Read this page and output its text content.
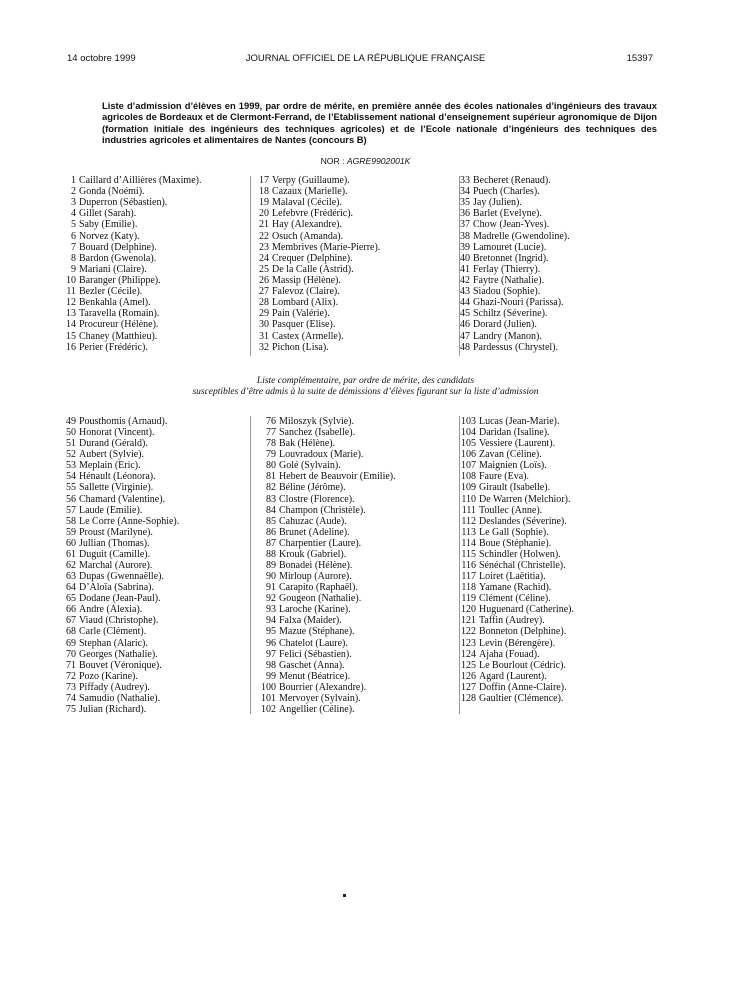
14 octobre 1999	JOURNAL OFFICIEL DE LA RÉPUBLIQUE FRANÇAISE	15397

Liste d’admission d’élèves en 1999, par ordre de mérite, en première année des écoles nationales d’ingénieurs des travaux agricoles de Bordeaux et de Clermont-Ferrand, de l’Etablissement national d’enseignement supérieur agronomique de Dijon (formation initiale des ingénieurs des techniques agricoles) et de l’Ecole nationale d’ingénieurs des techniques des industries agricoles et alimentaires de Nantes (concours B)

NOR : AGRE9902001K
1 Caillard d’Aillières (Maxime).
2 Gonda (Noémi).
3 Duperron (Sébastien).
4 Gillet (Sarah).
5 Saby (Emilie).
6 Norvez (Katy).
7 Bouard (Delphine).
8 Bardon (Gwenola).
9 Mariani (Claire).
10 Baranger (Philippe).
11 Bezler (Cécile).
12 Benkahla (Amel).
13 Taravella (Romain).
14 Procureur (Hélène).
15 Chaney (Matthieu).
16 Perier (Frédéric).
17 Verpy (Guillaume).
18 Cazaux (Marielle).
19 Malaval (Cécile).
20 Lefebvre (Frédéric).
21 Hay (Alexandre).
22 Osuch (Amanda).
23 Membrives (Marie-Pierre).
24 Crequer (Delphine).
25 De la Calle (Astrid).
26 Massip (Hélène).
27 Falevoz (Claire).
28 Lombard (Alix).
29 Pain (Valérie).
30 Pasquer (Elise).
31 Castex (Armelle).
32 Pichon (Lisa).
33 Becheret (Renaud).
34 Puech (Charles).
35 Jay (Julien).
36 Barlet (Evelyne).
37 Chow (Jean-Yves).
38 Madrelle (Gwendoline).
39 Lamouret (Lucie).
40 Bretonnet (Ingrid).
41 Ferlay (Thierry).
42 Faytre (Nathalie).
43 Siadou (Sophie).
44 Ghazi-Nouri (Parissa).
45 Schiltz (Séverine).
46 Dorard (Julien).
47 Landry (Manon).
48 Pardessus (Chrystel).
Liste complémentaire, par ordre de mérite, des candidats
susceptibles d’être admis à la suite de démissions d’élèves figurant sur la liste d’admission
49 Pousthomis (Arnaud).
50 Honorat (Vincent).
51 Durand (Gérald).
52 Aubert (Sylvie).
53 Meplain (Eric).
54 Hénault (Léonora).
55 Sallette (Virginie).
56 Chamard (Valentine).
57 Laude (Emilie).
58 Le Corre (Anne-Sophie).
59 Proust (Marilyne).
60 Jullian (Thomas).
61 Duguit (Camille).
62 Marchal (Aurore).
63 Dupas (Gwennaëlle).
64 D’Aloïa (Sabrina).
65 Dodane (Jean-Paul).
66 Andre (Alexia).
67 Viaud (Christophe).
68 Carle (Clément).
69 Stephan (Alaric).
70 Georges (Nathalie).
71 Bouvet (Véronique).
72 Pozo (Karine).
73 Piffady (Audrey).
74 Samudio (Nathalie).
75 Julian (Richard).
76 Miloszyk (Sylvie).
77 Sanchez (Isabelle).
78 Bak (Hélène).
79 Louvradoux (Marie).
80 Golé (Sylvain).
81 Hebert de Beauvoir (Emilie).
82 Béline (Jérôme).
83 Clostre (Florence).
84 Champon (Christèle).
85 Cahuzac (Aude).
86 Brunet (Adeline).
87 Charpentier (Laure).
88 Krouk (Gabriel).
89 Bonadei (Hélène).
90 Mirloup (Aurore).
91 Carapito (Raphaël).
92 Gougeon (Nathalie).
93 Laroche (Karine).
94 Falxa (Maider).
95 Mazue (Stéphane).
96 Chatelot (Laure).
97 Felici (Sébastien).
98 Gaschet (Anna).
99 Menut (Béatrice).
100 Bourrier (Alexandre).
101 Mervoyer (Sylvain).
102 Angellier (Céline).
103 Lucas (Jean-Marie).
104 Daridan (Isaline).
105 Vessiere (Laurent).
106 Zavan (Céline).
107 Maignien (Loïs).
108 Faure (Eva).
109 Girault (Isabelle).
110 De Warren (Melchior).
111 Toullec (Anne).
112 Deslandes (Séverine).
113 Le Gall (Sophie).
114 Boue (Stéphanie).
115 Schindler (Holwen).
116 Sénéchal (Christelle).
117 Loiret (Laëtitia).
118 Yamane (Rachid).
119 Clément (Céline).
120 Huguenard (Catherine).
121 Taffin (Audrey).
122 Bonneton (Delphine).
123 Levin (Bérengère).
124 Ajaha (Fouad).
125 Le Bourlout (Cédric).
126 Agard (Laurent).
127 Doffin (Anne-Claire).
128 Gaultier (Clémence).
